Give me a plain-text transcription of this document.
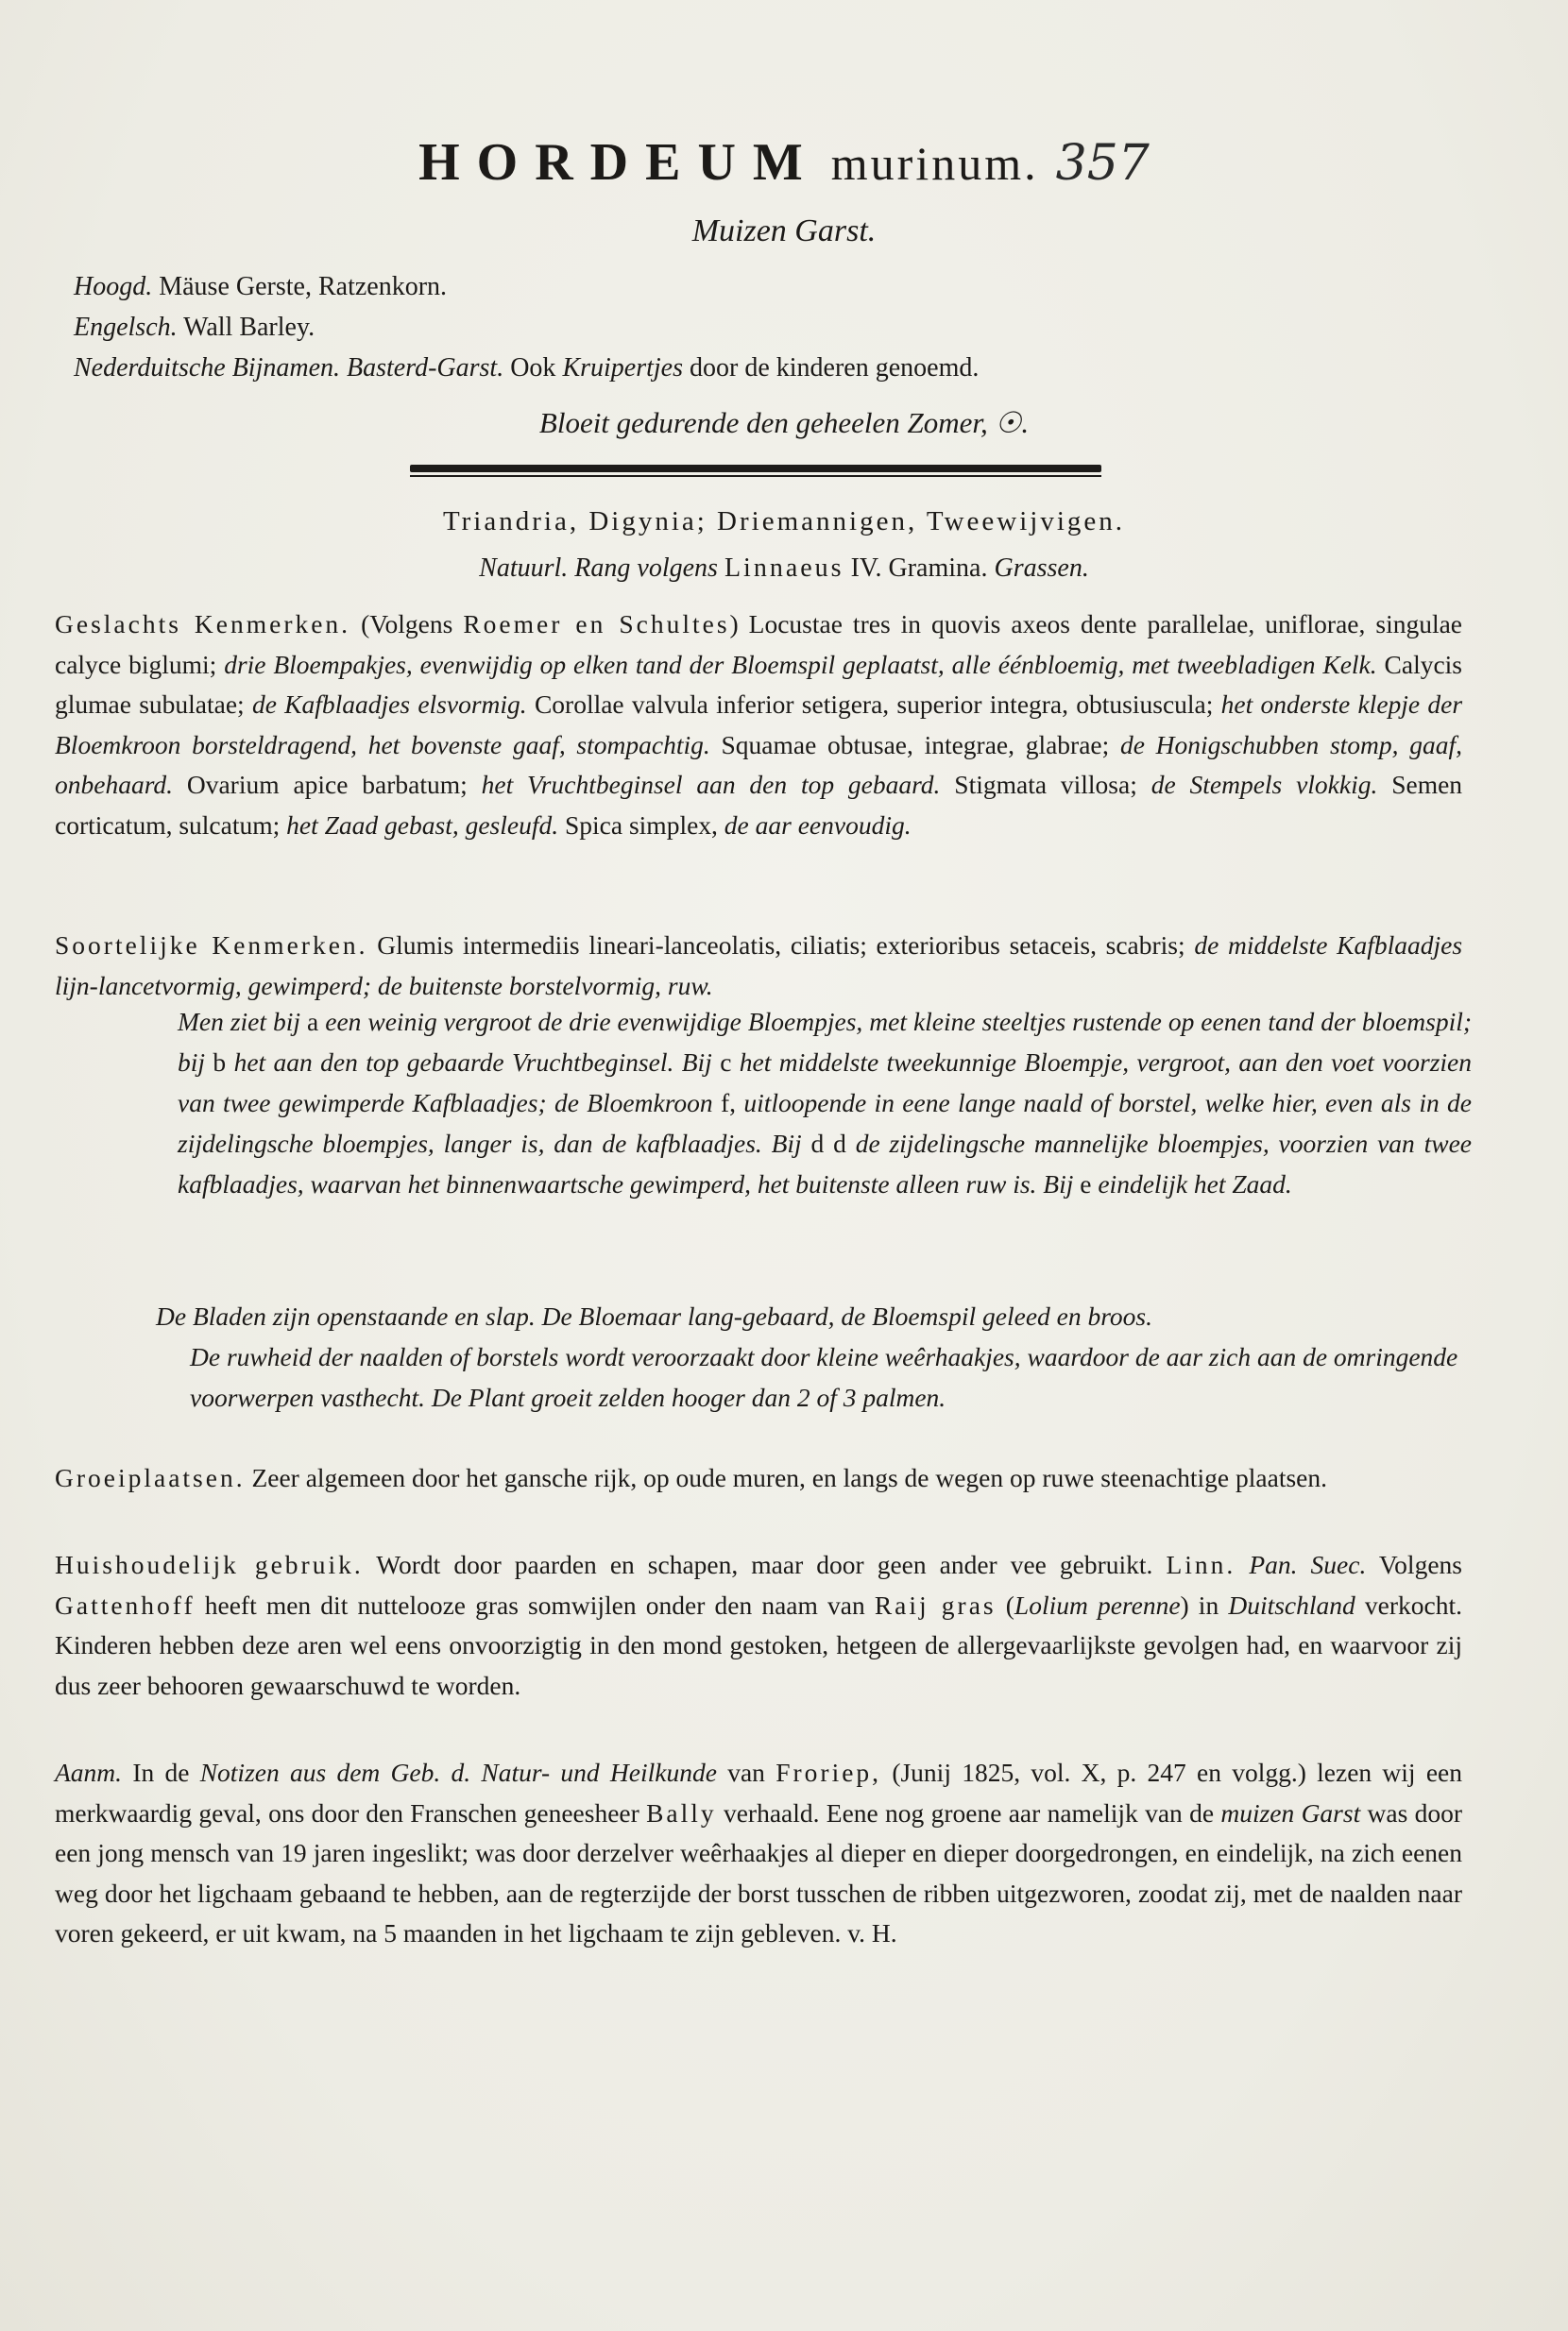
HORDEUM murinum. 357
Muizen Garst.
Hoogd. Mäuse Gerste, Ratzenkorn.
Engelsch. Wall Barley.
Nederduitsche Bijnamen. Basterd-Garst. Ook Kruipertjes door de kinderen genoemd.
Bloeit gedurende den geheelen Zomer, ☉.
Triandria, Digynia; Driemannigen, Tweewijvigen.
Natuurl. Rang volgens Linnaeus IV. Gramina. Grassen.
Geslachts Kenmerken. (Volgens Roemer en Schultes) Locustae tres in quovis axeos dente parallelae, uniflorae, singulae calyce biglumi; drie Bloempakjes, evenwijdig op elken tand der Bloemspil geplaatst, alle éénbloemig, met tweebladigen Kelk. Calycis glumae subulatae; de Kafblaadjes elsvormig. Corollae valvula inferior setigera, superior integra, obtusiuscula; het onderste klepje der Bloemkroon borsteldragend, het bovenste gaaf, stompachtig. Squamae obtusae, integrae, glabrae; de Honigschubben stomp, gaaf, onbehaard. Ovarium apice barbatum; het Vruchtbeginsel aan den top gebaard. Stigmata villosa; de Stempels vlokkig. Semen corticatum, sulcatum; het Zaad gebast, gesleufd. Spica simplex, de aar eenvoudig.
Soortelijke Kenmerken. Glumis intermediis lineari-lanceolatis, ciliatis; exterioribus setaceis, scabris; de middelste Kafblaadjes lijn-lancetvormig, gewimperd; de buitenste borstelvormig, ruw.
Men ziet bij a een weinig vergroot de drie evenwijdige Bloempjes, met kleine steeltjes rustende op eenen tand der bloemspil; bij b het aan den top gebaarde Vruchtbeginsel. Bij c het middelste tweekunnige Bloempje, vergroot, aan den voet voorzien van twee gewimperde Kafblaadjes; de Bloemkroon f, uitloopende in eene lange naald of borstel, welke hier, even als in de zijdelingsche bloempjes, langer is, dan de kafblaadjes. Bij d d de zijdelingsche mannelijke bloempjes, voorzien van twee kafblaadjes, waarvan het binnenwaartsche gewimperd, het buitenste alleen ruw is. Bij e eindelijk het Zaad.
De Bladen zijn openstaande en slap. De Bloemaar lang-gebaard, de Bloemspil geleed en broos.
De ruwheid der naalden of borstels wordt veroorzaakt door kleine weêrhaakjes, waardoor de aar zich aan de omringende voorwerpen vasthecht. De Plant groeit zelden hooger dan 2 of 3 palmen.
Groeiplaatsen. Zeer algemeen door het gansche rijk, op oude muren, en langs de wegen op ruwe steenachtige plaatsen.
Huishoudelijk gebruik. Wordt door paarden en schapen, maar door geen ander vee gebruikt. Linn. Pan. Suec. Volgens Gattenhoff heeft men dit nuttelooze gras somwijlen onder den naam van Raij gras (Lolium perenne) in Duitschland verkocht. Kinderen hebben deze aren wel eens onvoorzigtig in den mond gestoken, hetgeen de allergevaarlijkste gevolgen had, en waarvoor zij dus zeer behooren gewaarschuwd te worden.
Aanm. In de Notizen aus dem Geb. d. Natur- und Heilkunde van Froriep, (Junij 1825, vol. X, p. 247 en volgg.) lezen wij een merkwaardig geval, ons door den Franschen geneesheer Bally verhaald. Eene nog groene aar namelijk van de muizen Garst was door een jong mensch van 19 jaren ingeslikt; was door derzelver weêrhaakjes al dieper en dieper doorgedrongen, en eindelijk, na zich eenen weg door het ligchaam gebaand te hebben, aan de regterzijde der borst tusschen de ribben uitgezworen, zoodat zij, met de naalden naar voren gekeerd, er uit kwam, na 5 maanden in het ligchaam te zijn gebleven. v. H.
